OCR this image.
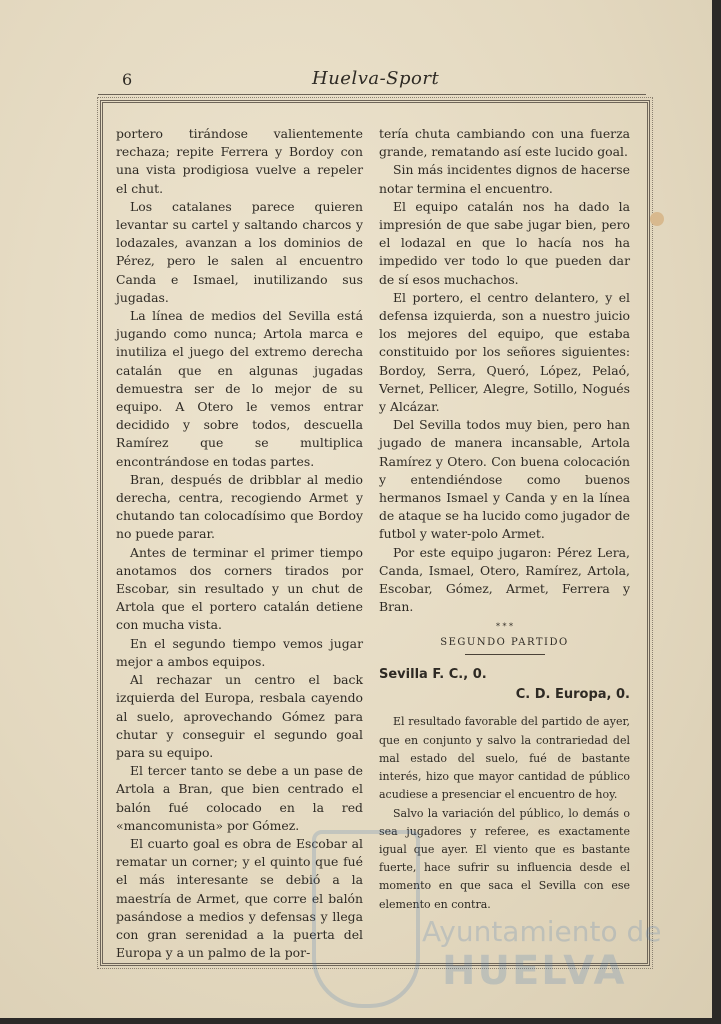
6	Huelva-Sport

portero tirándose valientemente rechaza; repite Ferrera y Bordoy con una vista prodigiosa vuelve a repeler el chut.

Los catalanes parece quieren levantar su cartel y saltando charcos y lodazales, avanzan a los dominios de Pérez, pero le salen al encuentro Canda e Ismael, inutilizando sus jugadas.

La línea de medios del Sevilla está jugando como nunca; Artola marca e inutiliza el juego del extremo derecha catalán que en algunas jugadas demuestra ser de lo mejor de su equipo. A Otero le vemos entrar decidido y sobre todos, descuella Ramírez que se multiplica encontrándose en todas partes.

Bran, después de dribblar al medio derecha, centra, recogiendo Armet y chutando tan colocadísimo que Bordoy no puede parar.

Antes de terminar el primer tiempo anotamos dos corners tirados por Escobar, sin resultado y un chut de Artola que el portero catalán detiene con mucha vista.

En el segundo tiempo vemos jugar mejor a ambos equipos.

Al rechazar un centro el back izquierda del Europa, resbala cayendo al suelo, aprovechando Gómez para chutar y conseguir el segundo goal para su equipo.

El tercer tanto se debe a un pase de Artola a Bran, que bien centrado el balón fué colocado en la red «mancomunista» por Gómez.

El cuarto goal es obra de Escobar al rematar un corner; y el quinto que fué el más interesante se debió a la maestría de Armet, que corre el balón pasándose a medios y defensas y llega con gran serenidad a la puerta del Europa y a un palmo de la por-

tería chuta cambiando con una fuerza grande, rematando así este lucido goal.

Sin más incidentes dignos de hacerse notar termina el encuentro.

El equipo catalán nos ha dado la impresión de que sabe jugar bien, pero el lodazal en que lo hacía nos ha impedido ver todo lo que pueden dar de sí esos muchachos.

El portero, el centro delantero, y el defensa izquierda, son a nuestro juicio los mejores del equipo, que estaba constituido por los señores siguientes: Bordoy, Serra, Queró, López, Pelaó, Vernet, Pellicer, Alegre, Sotillo, Nogués y Alcázar.

Del Sevilla todos muy bien, pero han jugado de manera incansable, Artola Ramírez y Otero. Con buena colocación y entendiéndose como buenos hermanos Ismael y Canda y en la línea de ataque se ha lucido como jugador de futbol y water-polo Armet.

Por este equipo jugaron: Pérez Lera, Canda, Ismael, Otero, Ramírez, Artola, Escobar, Gómez, Armet, Ferrera y Bran.

* * *
SEGUNDO PARTIDO
Sevilla F. C., 0.
C. D. Europa, 0.

El resultado favorable del partido de ayer, que en conjunto y salvo la contrariedad del mal estado del suelo, fué de bastante interés, hizo que mayor cantidad de público acudiese a presenciar el encuentro de hoy.

Salvo la variación del público, lo demás o sea jugadores y referee, es exactamente igual que ayer. El viento que es bastante fuerte, hace sufrir su influencia desde el momento en que saca el Sevilla con ese elemento en contra.

Ayuntamiento de
HUELVA
